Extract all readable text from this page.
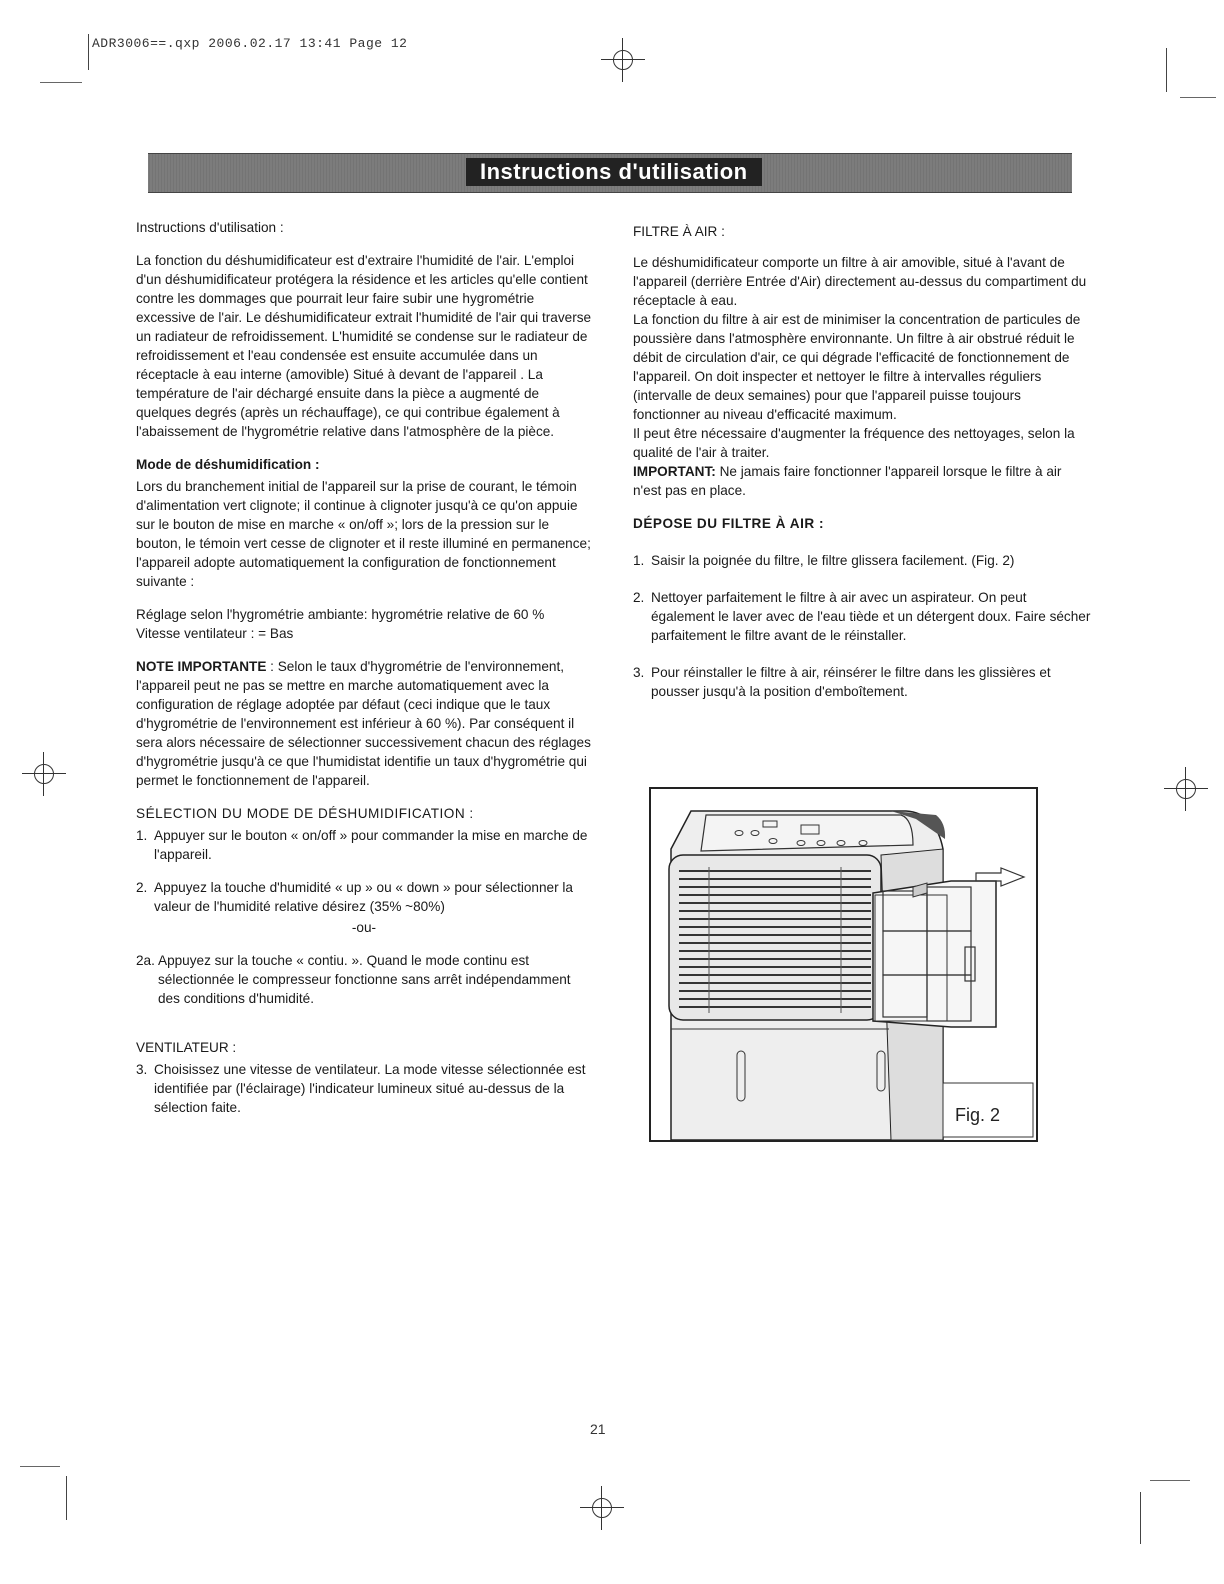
ADR3006==.qxp 2006.02.17 13:41 Page 12
Instructions d'utilisation
Instructions d'utilisation :

La fonction du déshumidificateur est d'extraire l'humidité de l'air. L'emploi d'un déshumidificateur protégera la résidence et les articles qu'elle contient contre les dommages que pourrait leur faire subir une hygrométrie excessive de l'air. Le déshumidificateur extrait l'humidité de l'air qui traverse un radiateur de refroidissement. L'humidité se condense sur le radiateur de refroidissement et l'eau condensée est ensuite accumulée dans un réceptacle à eau interne (amovible) Situé à devant de l'appareil . La température de l'air déchargé ensuite dans la pièce a augmenté de quelques degrés (après un réchauffage), ce qui contribue également à l'abaissement de l'hygrométrie relative dans l'atmosphère de la pièce.

Mode de déshumidification :

Lors du branchement initial de l'appareil sur la prise de courant, le témoin d'alimentation vert clignote; il continue à clignoter jusqu'à ce qu'on appuie sur le bouton de mise en marche « on/off »; lors de la pression sur le bouton, le témoin vert cesse de clignoter et il reste illuminé en permanence; l'appareil adopte automatiquement la configuration de fonctionnement suivante :

Réglage selon l'hygrométrie ambiante: hygrométrie relative de 60 %

Vitesse ventilateur : = Bas

NOTE IMPORTANTE : Selon le taux d'hygrométrie de l'environnement, l'appareil peut ne pas se mettre en marche automatiquement avec la configuration de réglage adoptée par défaut (ceci indique que le taux d'hygrométrie de l'environnement est inférieur à 60 %). Par conséquent il sera alors nécessaire de sélectionner successivement chacun des réglages d'hygrométrie jusqu'à ce que l'humidistat identifie un taux d'hygrométrie qui permet le fonctionnement de l'appareil.

SÉLECTION DU MODE DE DÉSHUMIDIFICATION :
1. Appuyer sur le bouton « on/off » pour commander la mise en marche de l'appareil.
2. Appuyez la touche d'humidité « up » ou « down » pour sélectionner la valeur de l'humidité relative désirez (35% ~80%)

-ou-

2a. Appuyez sur la touche « contiu. ». Quand le mode continu est sélectionnée le compresseur fonctionne sans arrêt indépendamment des conditions d'humidité.
VENTILATEUR :
3. Choisissez une vitesse de ventilateur. La mode vitesse sélectionnée est identifiée par (l'éclairage) l'indicateur lumineux situé au-dessus de la sélection faite.
FILTRE À AIR :
Le déshumidificateur comporte un filtre à air amovible, situé à l'avant de l'appareil (derrière Entrée d'Air) directement au-dessus du compartiment du réceptacle à eau.
La fonction du filtre à air est de minimiser la concentration de particules de poussière dans l'atmosphère environnante. Un filtre à air obstrué réduit le débit de circulation d'air, ce qui dégrade l'efficacité de fonctionnement de l'appareil. On doit inspecter et nettoyer le filtre à intervalles réguliers (intervalle de deux semaines) pour que l'appareil puisse toujours fonctionner au niveau d'efficacité maximum.
Il peut être nécessaire d'augmenter la fréquence des nettoyages, selon la qualité de l'air à traiter.

IMPORTANT: Ne jamais faire fonctionner l'appareil lorsque le filtre à air n'est pas en place.

DÉPOSE DU FILTRE À AIR :
1. Saisir la poignée du filtre, le filtre glissera facilement. (Fig. 2)
2. Nettoyer parfaitement le filtre à air avec un aspirateur. On peut également le laver avec de l'eau tiède et un détergent doux. Faire sécher parfaitement le filtre avant de le réinstaller.
3. Pour réinstaller le filtre à air, réinsérer le filtre dans les glissières et pousser jusqu'à la position d'emboîtement.
Fig. 2
21
